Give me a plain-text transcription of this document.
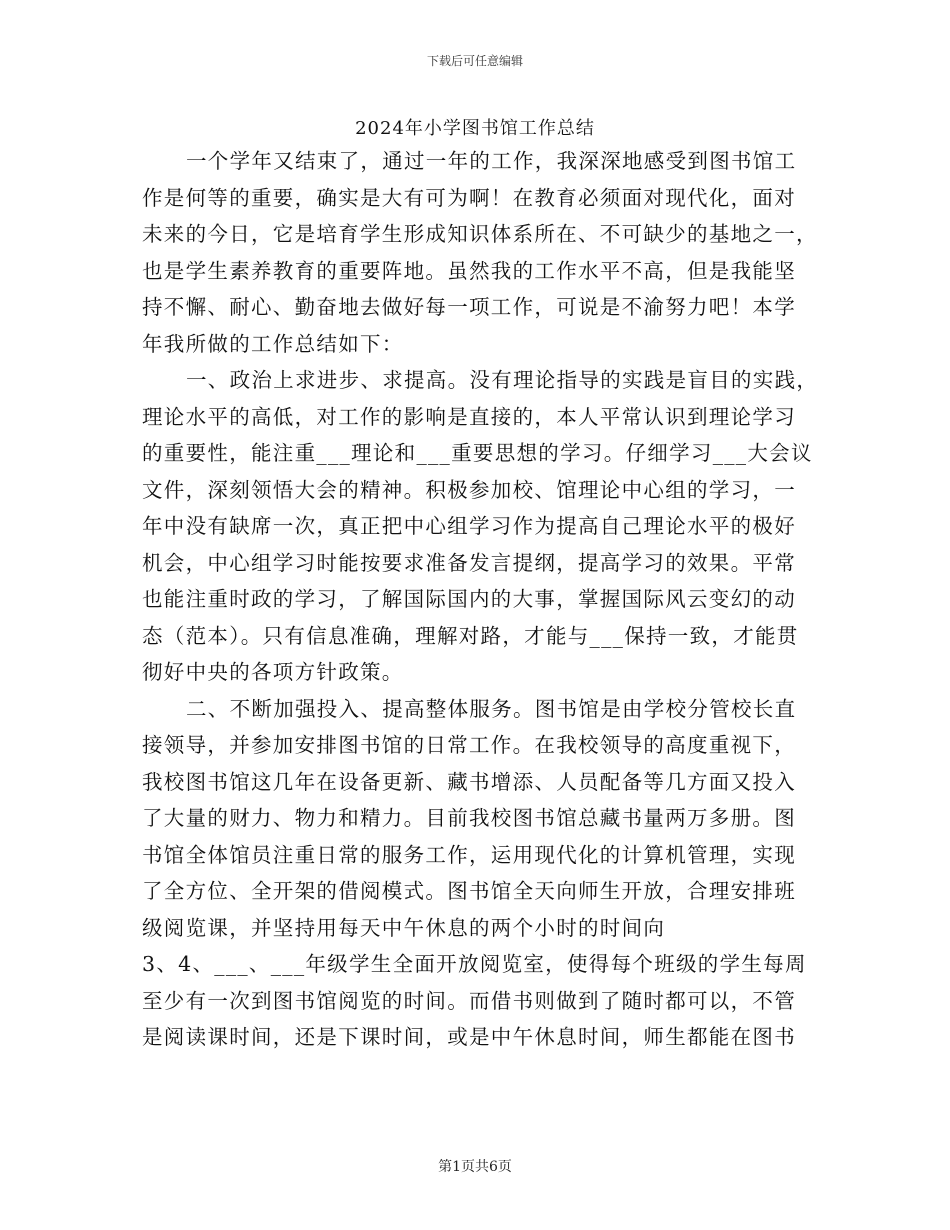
下载后可任意编辑
2024年小学图书馆工作总结
一个学年又结束了，通过一年的工作，我深深地感受到图书馆工
作是何等的重要，确实是大有可为啊！在教育必须面对现代化，面对
未来的今日，它是培育学生形成知识体系所在、不可缺少的基地之一，
也是学生素养教育的重要阵地。虽然我的工作水平不高，但是我能坚
持不懈、耐心、勤奋地去做好每一项工作，可说是不渝努力吧！本学
年我所做的工作总结如下：
一、政治上求进步、求提高。没有理论指导的实践是盲目的实践，
理论水平的高低，对工作的影响是直接的，本人平常认识到理论学习
的重要性，能注重___理论和___重要思想的学习。仔细学习___大会议
文件，深刻领悟大会的精神。积极参加校、馆理论中心组的学习，一
年中没有缺席一次，真正把中心组学习作为提高自己理论水平的极好
机会，中心组学习时能按要求准备发言提纲，提高学习的效果。平常
也能注重时政的学习，了解国际国内的大事，掌握国际风云变幻的动
态（范本）。只有信息准确，理解对路，才能与___保持一致，才能贯
彻好中央的各项方针政策。
二、不断加强投入、提高整体服务。图书馆是由学校分管校长直
接领导，并参加安排图书馆的日常工作。在我校领导的高度重视下，
我校图书馆这几年在设备更新、藏书增添、人员配备等几方面又投入
了大量的财力、物力和精力。目前我校图书馆总藏书量两万多册。图
书馆全体馆员注重日常的服务工作，运用现代化的计算机管理，实现
了全方位、全开架的借阅模式。图书馆全天向师生开放，合理安排班
级阅览课，并坚持用每天中午休息的两个小时的时间向
3、4、___、___年级学生全面开放阅览室，使得每个班级的学生每周
至少有一次到图书馆阅览的时间。而借书则做到了随时都可以，不管
是阅读课时间，还是下课时间，或是中午休息时间，师生都能在图书
第1页共6页
